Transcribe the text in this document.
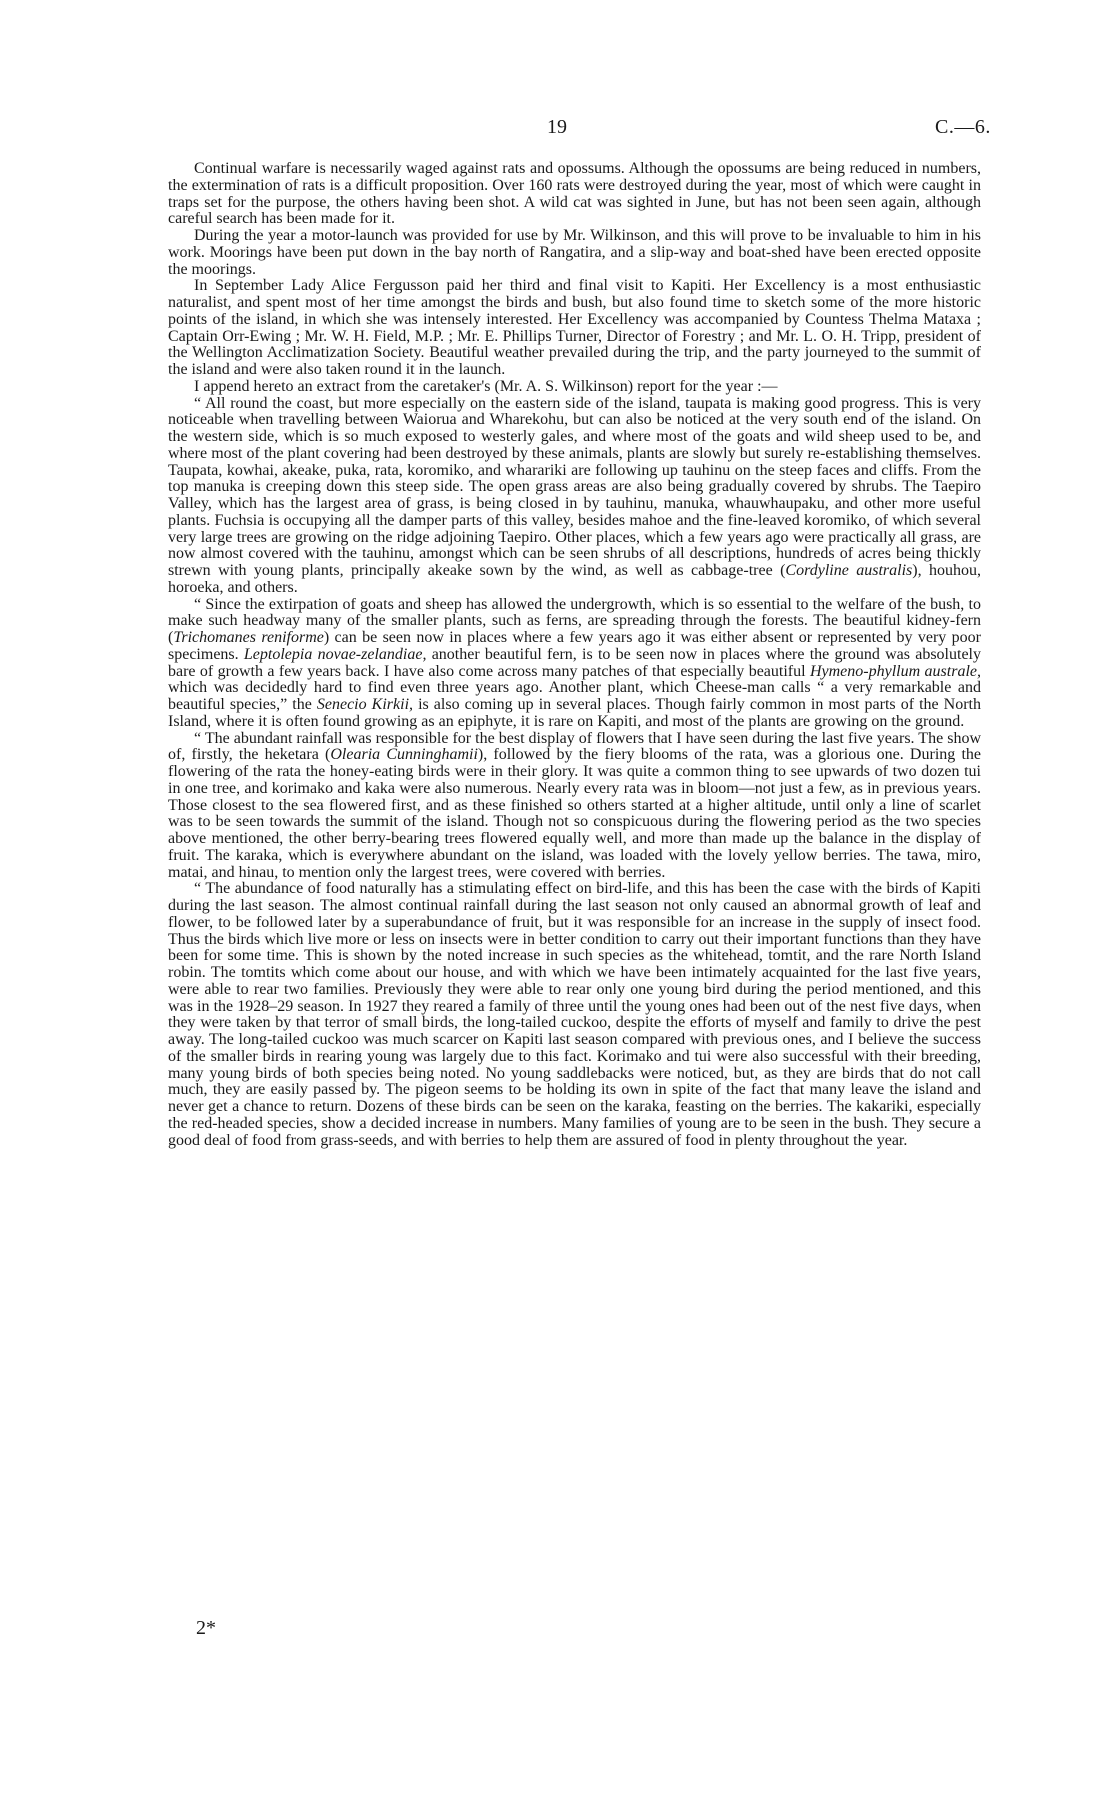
19	C.—6.

Continual warfare is necessarily waged against rats and opossums. Although the opossums are being reduced in numbers, the extermination of rats is a difficult proposition. Over 160 rats were destroyed during the year, most of which were caught in traps set for the purpose, the others having been shot. A wild cat was sighted in June, but has not been seen again, although careful search has been made for it.

During the year a motor-launch was provided for use by Mr. Wilkinson, and this will prove to be invaluable to him in his work. Moorings have been put down in the bay north of Rangatira, and a slip-way and boat-shed have been erected opposite the moorings.

In September Lady Alice Fergusson paid her third and final visit to Kapiti. Her Excellency is a most enthusiastic naturalist, and spent most of her time amongst the birds and bush, but also found time to sketch some of the more historic points of the island, in which she was intensely interested. Her Excellency was accompanied by Countess Thelma Mataxa ; Captain Orr-Ewing ; Mr. W. H. Field, M.P. ; Mr. E. Phillips Turner, Director of Forestry ; and Mr. L. O. H. Tripp, president of the Wellington Acclimatization Society. Beautiful weather prevailed during the trip, and the party journeyed to the summit of the island and were also taken round it in the launch.

I append hereto an extract from the caretaker's (Mr. A. S. Wilkinson) report for the year :—

“ All round the coast, but more especially on the eastern side of the island, taupata is making good progress. This is very noticeable when travelling between Waiorua and Wharekohu, but can also be noticed at the very south end of the island. On the western side, which is so much exposed to westerly gales, and where most of the goats and wild sheep used to be, and where most of the plant covering had been destroyed by these animals, plants are slowly but surely re-establishing themselves. Taupata, kowhai, akeake, puka, rata, koromiko, and wharariki are following up tauhinu on the steep faces and cliffs. From the top manuka is creeping down this steep side. The open grass areas are also being gradually covered by shrubs. The Taepiro Valley, which has the largest area of grass, is being closed in by tauhinu, manuka, whauwhaupaku, and other more useful plants. Fuchsia is occupying all the damper parts of this valley, besides mahoe and the fine-leaved koromiko, of which several very large trees are growing on the ridge adjoining Taepiro. Other places, which a few years ago were practically all grass, are now almost covered with the tauhinu, amongst which can be seen shrubs of all descriptions, hundreds of acres being thickly strewn with young plants, principally akeake sown by the wind, as well as cabbage-tree (Cordyline australis), houhou, horoeka, and others.

“ Since the extirpation of goats and sheep has allowed the undergrowth, which is so essential to the welfare of the bush, to make such headway many of the smaller plants, such as ferns, are spreading through the forests. The beautiful kidney-fern (Trichomanes reniforme) can be seen now in places where a few years ago it was either absent or represented by very poor specimens. Leptolepia novae-zelandiae, another beautiful fern, is to be seen now in places where the ground was absolutely bare of growth a few years back. I have also come across many patches of that especially beautiful Hymeno-phyllum australe, which was decidedly hard to find even three years ago. Another plant, which Cheese-man calls “ a very remarkable and beautiful species,” the Senecio Kirkii, is also coming up in several places. Though fairly common in most parts of the North Island, where it is often found growing as an epiphyte, it is rare on Kapiti, and most of the plants are growing on the ground.

“ The abundant rainfall was responsible for the best display of flowers that I have seen during the last five years. The show of, firstly, the heketara (Olearia Cunninghamii), followed by the fiery blooms of the rata, was a glorious one. During the flowering of the rata the honey-eating birds were in their glory. It was quite a common thing to see upwards of two dozen tui in one tree, and korimako and kaka were also numerous. Nearly every rata was in bloom—not just a few, as in previous years. Those closest to the sea flowered first, and as these finished so others started at a higher altitude, until only a line of scarlet was to be seen towards the summit of the island. Though not so conspicuous during the flowering period as the two species above mentioned, the other berry-bearing trees flowered equally well, and more than made up the balance in the display of fruit. The karaka, which is everywhere abundant on the island, was loaded with the lovely yellow berries. The tawa, miro, matai, and hinau, to mention only the largest trees, were covered with berries.

“ The abundance of food naturally has a stimulating effect on bird-life, and this has been the case with the birds of Kapiti during the last season. The almost continual rainfall during the last season not only caused an abnormal growth of leaf and flower, to be followed later by a superabundance of fruit, but it was responsible for an increase in the supply of insect food. Thus the birds which live more or less on insects were in better condition to carry out their important functions than they have been for some time. This is shown by the noted increase in such species as the whitehead, tomtit, and the rare North Island robin. The tomtits which come about our house, and with which we have been intimately acquainted for the last five years, were able to rear two families. Previously they were able to rear only one young bird during the period mentioned, and this was in the 1928–29 season. In 1927 they reared a family of three until the young ones had been out of the nest five days, when they were taken by that terror of small birds, the long-tailed cuckoo, despite the efforts of myself and family to drive the pest away. The long-tailed cuckoo was much scarcer on Kapiti last season compared with previous ones, and I believe the success of the smaller birds in rearing young was largely due to this fact. Korimako and tui were also successful with their breeding, many young birds of both species being noted. No young saddlebacks were noticed, but, as they are birds that do not call much, they are easily passed by. The pigeon seems to be holding its own in spite of the fact that many leave the island and never get a chance to return. Dozens of these birds can be seen on the karaka, feasting on the berries. The kakariki, especially the red-headed species, show a decided increase in numbers. Many families of young are to be seen in the bush. They secure a good deal of food from grass-seeds, and with berries to help them are assured of food in plenty throughout the year.

2*
